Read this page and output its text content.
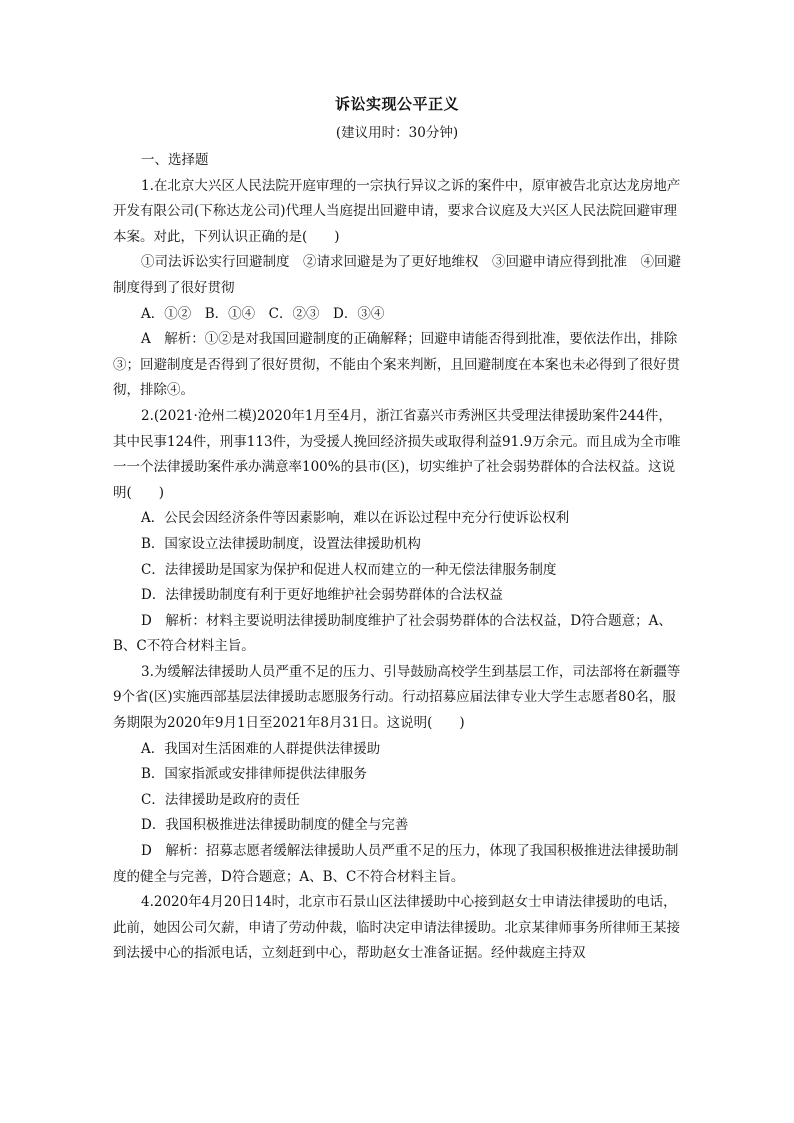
诉讼实现公平正义
(建议用时：30分钟)

一、选择题

1.在北京大兴区人民法院开庭审理的一宗执行异议之诉的案件中，原审被告北京达龙房地产开发有限公司(下称达龙公司)代理人当庭提出回避申请，要求合议庭及大兴区人民法院回避审理本案。对此，下列认识正确的是(　　)

①司法诉讼实行回避制度　②请求回避是为了更好地维权　③回避申请应得到批准　④回避制度得到了很好贯彻

A．①②　B．①④　C．②③　D．③④

A　解析：①②是对我国回避制度的正确解释；回避申请能否得到批准，要依法作出，排除③；回避制度是否得到了很好贯彻，不能由个案来判断，且回避制度在本案也未必得到了很好贯彻，排除④。

2.(2021·沧州二模)2020年1月至4月，浙江省嘉兴市秀洲区共受理法律援助案件244件，其中民事124件，刑事113件，为受援人挽回经济损失或取得利益91.9万余元。而且成为全市唯一一个法律援助案件承办满意率100%的县市(区)，切实维护了社会弱势群体的合法权益。这说明(　　)

A．公民会因经济条件等因素影响，难以在诉讼过程中充分行使诉讼权利

B．国家设立法律援助制度，设置法律援助机构

C．法律援助是国家为保护和促进人权而建立的一种无偿法律服务制度

D．法律援助制度有利于更好地维护社会弱势群体的合法权益

D　解析：材料主要说明法律援助制度维护了社会弱势群体的合法权益，D符合题意；A、B、C不符合材料主旨。

3.为缓解法律援助人员严重不足的压力、引导鼓励高校学生到基层工作，司法部将在新疆等9个省(区)实施西部基层法律援助志愿服务行动。行动招募应届法律专业大学生志愿者80名，服务期限为2020年9月1日至2021年8月31日。这说明(　　)

A．我国对生活困难的人群提供法律援助

B．国家指派或安排律师提供法律服务

C．法律援助是政府的责任

D．我国积极推进法律援助制度的健全与完善

D　解析：招募志愿者缓解法律援助人员严重不足的压力，体现了我国积极推进法律援助制度的健全与完善，D符合题意；A、B、C不符合材料主旨。

4.2020年4月20日14时，北京市石景山区法律援助中心接到赵女士申请法律援助的电话，此前，她因公司欠薪，申请了劳动仲裁，临时决定申请法律援助。北京某律师事务所律师王某接到法援中心的指派电话，立刻赶到中心，帮助赵女士准备证据。经仲裁庭主持双
